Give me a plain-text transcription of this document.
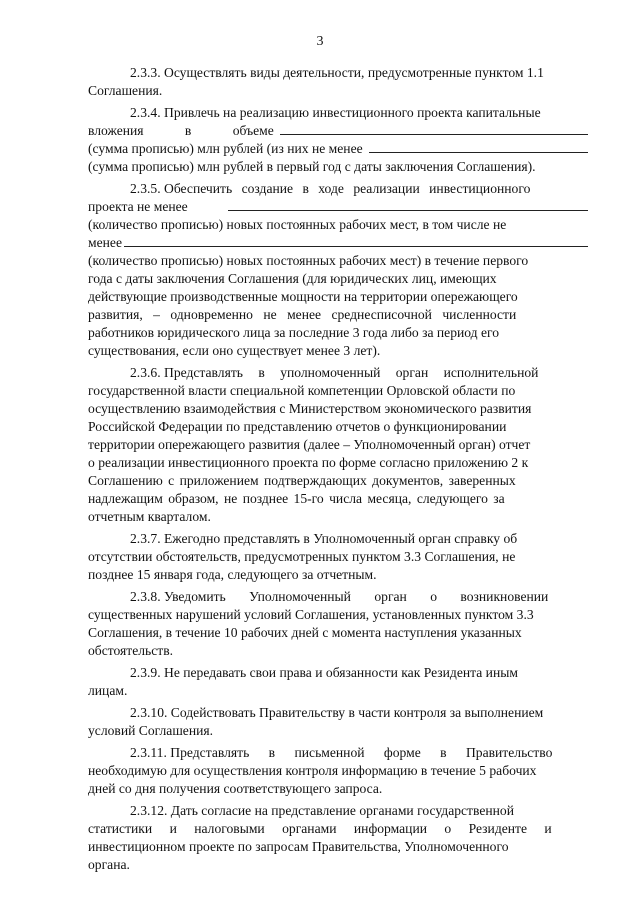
3
2.3.3.
Осуществлять виды деятельности, предусмотренные пунктом 1.1
Соглашения.
2.3.4.
Привлечь на реализацию инвестиционного проекта капитальные
вложения в объеме
(сумма прописью) млн рублей (из них не менее
(сумма прописью) млн рублей в первый год с даты заключения Соглашения).
2.3.5.
Обеспечить создание в ходе реализации инвестиционного
проекта не менее
(количество прописью) новых постоянных рабочих мест, в том числе не
менее
(количество прописью) новых постоянных рабочих мест) в течение первого
года с даты заключения Соглашения (для юридических лиц, имеющих
действующие производственные мощности на территории опережающего
развития, – одновременно не менее среднесписочной численности
работников юридического лица за последние 3 года либо за период его
существования, если оно существует менее 3 лет).
2.3.6.
Представлять в уполномоченный орган исполнительной
государственной власти специальной компетенции Орловской области по
осуществлению взаимодействия с Министерством экономического развития
Российской Федерации по представлению отчетов о функционировании
территории опережающего развития (далее – Уполномоченный орган) отчет
о реализации инвестиционного проекта по форме согласно приложению 2 к
Соглашению с приложением подтверждающих документов, заверенных
надлежащим образом, не позднее 15-го числа месяца, следующего за
отчетным кварталом.
2.3.7.
Ежегодно представлять в Уполномоченный орган справку об
отсутствии обстоятельств, предусмотренных пунктом 3.3 Соглашения, не
позднее 15 января года, следующего за отчетным.
2.3.8.
Уведомить Уполномоченный орган о возникновении
существенных нарушений условий Соглашения, установленных пунктом 3.3
Соглашения, в течение 10 рабочих дней с момента наступления указанных
обстоятельств.
2.3.9.
Не передавать свои права и обязанности как Резидента иным
лицам.
2.3.10.
Содействовать Правительству в части контроля за выполнением
условий Соглашения.
2.3.11.
Представлять в письменной форме в Правительство
необходимую для осуществления контроля информацию в течение 5 рабочих
дней со дня получения соответствующего запроса.
2.3.12.
Дать согласие на представление органами государственной
статистики и налоговыми органами информации о Резиденте и
инвестиционном проекте по запросам Правительства, Уполномоченного
органа.
